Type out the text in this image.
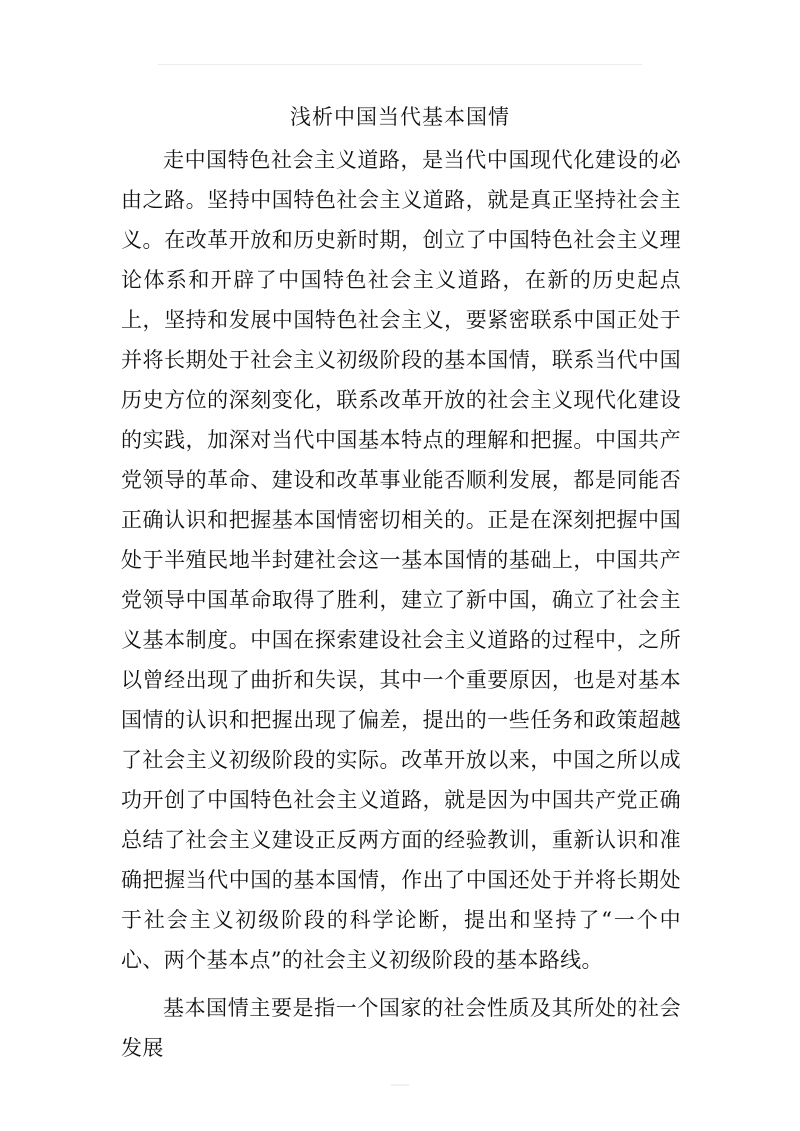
浅析中国当代基本国情

走中国特色社会主义道路，是当代中国现代化建设的必由之路。坚持中国特色社会主义道路，就是真正坚持社会主义。在改革开放和历史新时期，创立了中国特色社会主义理论体系和开辟了中国特色社会主义道路，在新的历史起点上，坚持和发展中国特色社会主义，要紧密联系中国正处于并将长期处于社会主义初级阶段的基本国情，联系当代中国历史方位的深刻变化，联系改革开放的社会主义现代化建设的实践，加深对当代中国基本特点的理解和把握。中国共产党领导的革命、建设和改革事业能否顺利发展，都是同能否正确认识和把握基本国情密切相关的。正是在深刻把握中国处于半殖民地半封建社会这一基本国情的基础上，中国共产党领导中国革命取得了胜利，建立了新中国，确立了社会主义基本制度。中国在探索建设社会主义道路的过程中，之所以曾经出现了曲折和失误，其中一个重要原因，也是对基本国情的认识和把握出现了偏差，提出的一些任务和政策超越了社会主义初级阶段的实际。改革开放以来，中国之所以成功开创了中国特色社会主义道路，就是因为中国共产党正确总结了社会主义建设正反两方面的经验教训，重新认识和准确把握当代中国的基本国情，作出了中国还处于并将长期处于社会主义初级阶段的科学论断，提出和坚持了“一个中心、两个基本点”的社会主义初级阶段的基本路线。

基本国情主要是指一个国家的社会性质及其所处的社会发展
